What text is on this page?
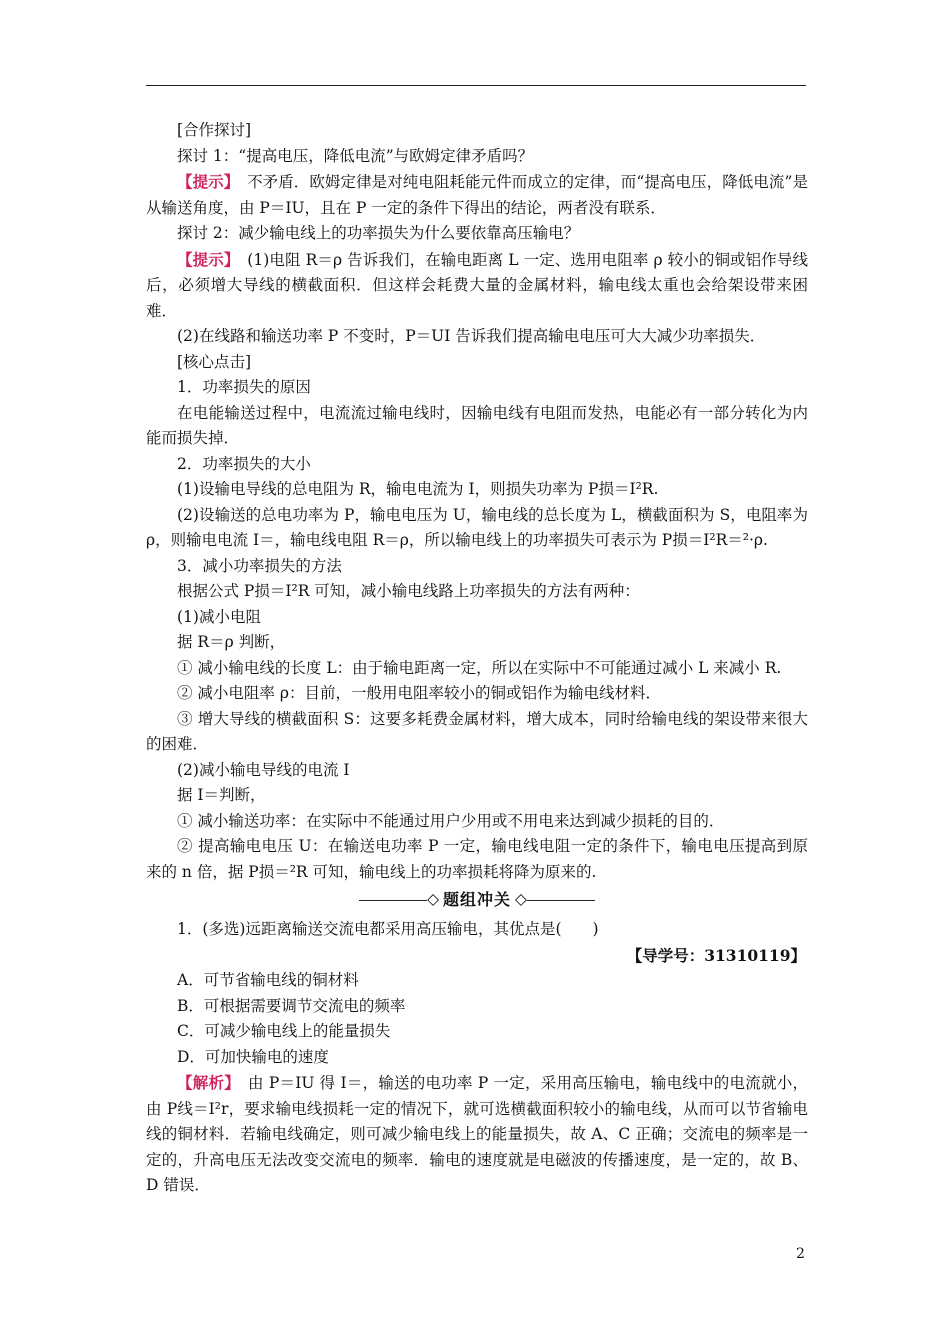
[合作探讨]

探讨 1：“提高电压，降低电流”与欧姆定律矛盾吗？

【提示】　不矛盾．欧姆定律是对纯电阻耗能元件而成立的定律，而“提高电压，降低电流”是从输送角度，由 P＝IU，且在 P 一定的条件下得出的结论，两者没有联系．

探讨 2：减少输电线上的功率损失为什么要依靠高压输电？

【提示】　(1)电阻 R＝ρ 告诉我们，在输电距离 L 一定、选用电阻率 ρ 较小的铜或铝作导线后，必须增大导线的横截面积．但这样会耗费大量的金属材料，输电线太重也会给架设带来困难．

(2)在线路和输送功率 P 不变时，P＝UI 告诉我们提高输电电压可大大减少功率损失．

[核心点击]

1．功率损失的原因

在电能输送过程中，电流流过输电线时，因输电线有电阻而发热，电能必有一部分转化为内能而损失掉．

2．功率损失的大小

(1)设输电导线的总电阻为 R，输电电流为 I，则损失功率为 P损＝I²R.

(2)设输送的总电功率为 P，输电电压为 U，输电线的总长度为 L，横截面积为 S，电阻率为 ρ，则输电电流 I＝，输电线电阻 R＝ρ，所以输电线上的功率损失可表示为 P损＝I²R＝²·ρ.

3．减小功率损失的方法

根据公式 P损＝I²R 可知，减小输电线路上功率损失的方法有两种：

(1)减小电阻

据 R＝ρ 判断，

① 减小输电线的长度 L：由于输电距离一定，所以在实际中不可能通过减小 L 来减小 R.

② 减小电阻率 ρ：目前，一般用电阻率较小的铜或铝作为输电线材料．

③ 增大导线的横截面积 S：这要多耗费金属材料，增大成本，同时给输电线的架设带来很大的困难．

(2)减小输电导线的电流 I

据 I＝判断，

① 减小输送功率：在实际中不能通过用户少用或不用电来达到减少损耗的目的．

② 提高输电电压 U：在输送电功率 P 一定，输电线电阻一定的条件下，输电电压提高到原来的 n 倍，据 P损＝²R 可知，输电线上的功率损耗将降为原来的.

◇ 题组冲关 ◇

1．(多选)远距离输送交流电都采用高压输电，其优点是(　　)

【导学号：31310119】

A．可节省输电线的铜材料

B．可根据需要调节交流电的频率

C．可减少输电线上的能量损失

D．可加快输电的速度

【解析】　由 P＝IU 得 I＝，输送的电功率 P 一定，采用高压输电，输电线中的电流就小，由 P线＝I²r，要求输电线损耗一定的情况下，就可选横截面积较小的输电线，从而可以节省输电线的铜材料．若输电线确定，则可减少输电线上的能量损失，故 A、C 正确；交流电的频率是一定的，升高电压无法改变交流电的频率．输电的速度就是电磁波的传播速度，是一定的，故 B、D 错误．

2
